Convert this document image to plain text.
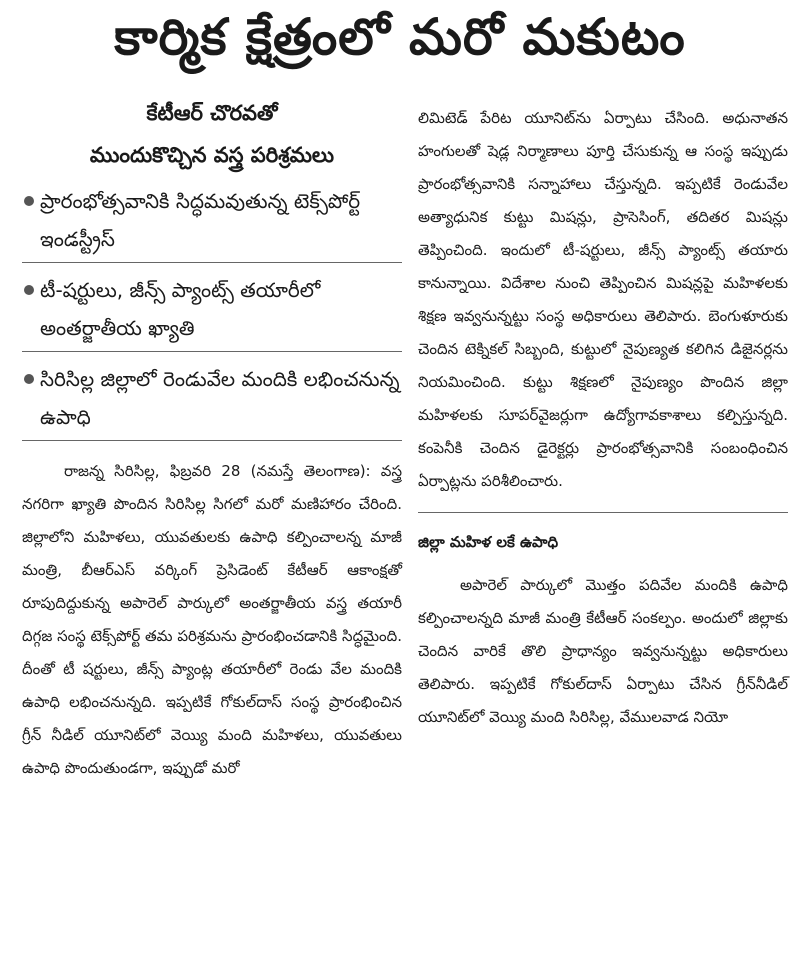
కార్మిక క్షేత్రంలో మరో మకుటం
కేటీఆర్ చొరవతో
ముందుకొచ్చిన వస్త్ర పరిశ్రమలు
ప్రారంభోత్సవానికి సిద్ధమవుతున్న టెక్స్‌పోర్ట్ ఇండస్ట్రీస్
టీ-షర్టులు, జీన్స్ ప్యాంట్స్ తయారీలో అంతర్జాతీయ ఖ్యాతి
సిరిసిల్ల జిల్లాలో రెండువేల మందికి లభించనున్న ఉపాధి

రాజన్న సిరిసిల్ల, ఫిబ్రవరి 28 (నమస్తే తెలంగాణ): వస్త్ర నగరిగా ఖ్యాతి పొందిన సిరిసిల్ల సిగలో మరో మణిహారం చేరింది. జిల్లాలోని మహిళలు, యువతులకు ఉపాధి కల్పించాలన్న మాజీ మంత్రి, బీఆర్ఎస్ వర్కింగ్ ప్రెసిడెంట్ కేటీఆర్ ఆకాంక్షతో రూపుదిద్దుకున్న అపారెల్ పార్కులో అంతర్జాతీయ వస్త్ర తయారీ దిగ్గజ సంస్థ టెక్స్‌పోర్ట్ తమ పరిశ్రమను ప్రారంభించడానికి సిద్ధమైంది. దీంతో టీ షర్టులు, జీన్స్ ప్యాంట్ల తయారీలో రెండు వేల మందికి ఉపాధి లభించనున్నది. ఇప్పటికే గోకుల్‌దాస్ సంస్థ ప్రారంభించిన గ్రీన్ నీడిల్ యూనిట్‌లో వెయ్యి మంది మహిళలు, యువతులు ఉపాధి పొందుతుండగా, ఇప్పుడో మరో

లిమిటెడ్ పేరిట యూనిట్‌ను ఏర్పాటు చేసింది. అధునాతన హంగులతో షెడ్ల నిర్మాణాలు పూర్తి చేసుకున్న ఆ సంస్థ ఇప్పుడు ప్రారంభోత్సవానికి సన్నాహాలు చేస్తున్నది. ఇప్పటికే రెండువేల అత్యాధునిక కుట్టు మిషన్లు, ప్రాసెసింగ్, తదితర మిషన్లు తెప్పించింది. ఇందులో టీ-షర్టులు, జీన్స్ ప్యాంట్స్ తయారు కానున్నాయి. విదేశాల నుంచి తెప్పించిన మిషన్లపై మహిళలకు శిక్షణ ఇవ్వనున్నట్టు సంస్థ అధికారులు తెలిపారు. బెంగుళూరుకు చెందిన టెక్నికల్ సిబ్బంది, కుట్టులో నైపుణ్యత కలిగిన డిజైనర్లను నియమించింది. కుట్టు శిక్షణలో నైపుణ్యం పొందిన జిల్లా మహిళలకు సూపర్‌వైజర్లుగా ఉద్యోగావకాశాలు కల్పిస్తున్నది. కంపెనీకి చెందిన డైరెక్టర్లు ప్రారంభోత్సవానికి సంబంధించిన ఏర్పాట్లను పరిశీలించారు.

జిల్లా మహిళ లకే ఉపాధి

అపారెల్ పార్కులో మొత్తం పదివేల మందికి ఉపాధి కల్పించాలన్నది మాజీ మంత్రి కేటీఆర్ సంకల్పం. అందులో జిల్లాకు చెందిన వారికే తొలి ప్రాధాన్యం ఇవ్వనున్నట్టు అధికారులు తెలిపారు. ఇప్పటికే గోకుల్‌దాస్ ఏర్పాటు చేసిన గ్రీన్‌నీడిల్ యూనిట్‌లో వెయ్యి మంది సిరిసిల్ల, వేములవాడ నియో
